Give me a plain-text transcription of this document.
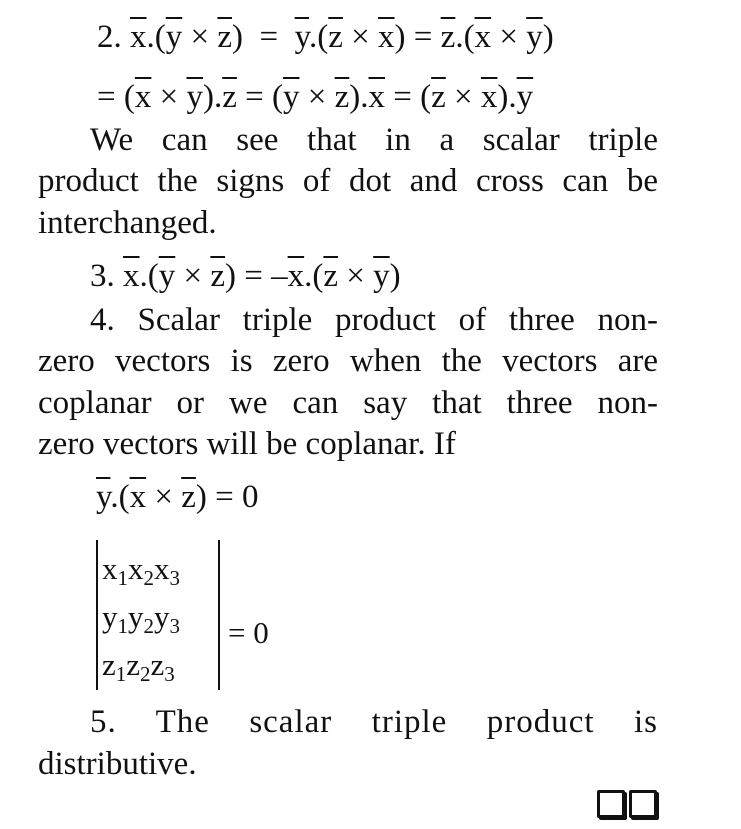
2. $\overline{x}.(\overline{y} \times \overline{z}) = \overline{y}.(\overline{z} \times \overline{x}) = \overline{z}.(\overline{x} \times \overline{y})$
= $(\overline{x} \times \overline{y}).\overline{z} = (\overline{y} \times \overline{z}).\overline{x} = (\overline{z} \times \overline{x}).\overline{y}$
We can see that in a scalar triple
product the signs of dot and cross can be
interchanged.
3. $\overline{x}.(\overline{y} \times \overline{z}) = -\overline{x}.(\overline{z} \times \overline{y})$
4. Scalar triple product of three non-
zero vectors is zero when the vectors are
coplanar or we can say that three non-
zero vectors will be coplanar. If
$\overline{y}.(\overline{x} \times \overline{z}) = 0$
$x_1x_2x_3$
$y_1y_2y_3$
$z_1z_2z_3$
= 0
5. The scalar triple product is
distributive.
